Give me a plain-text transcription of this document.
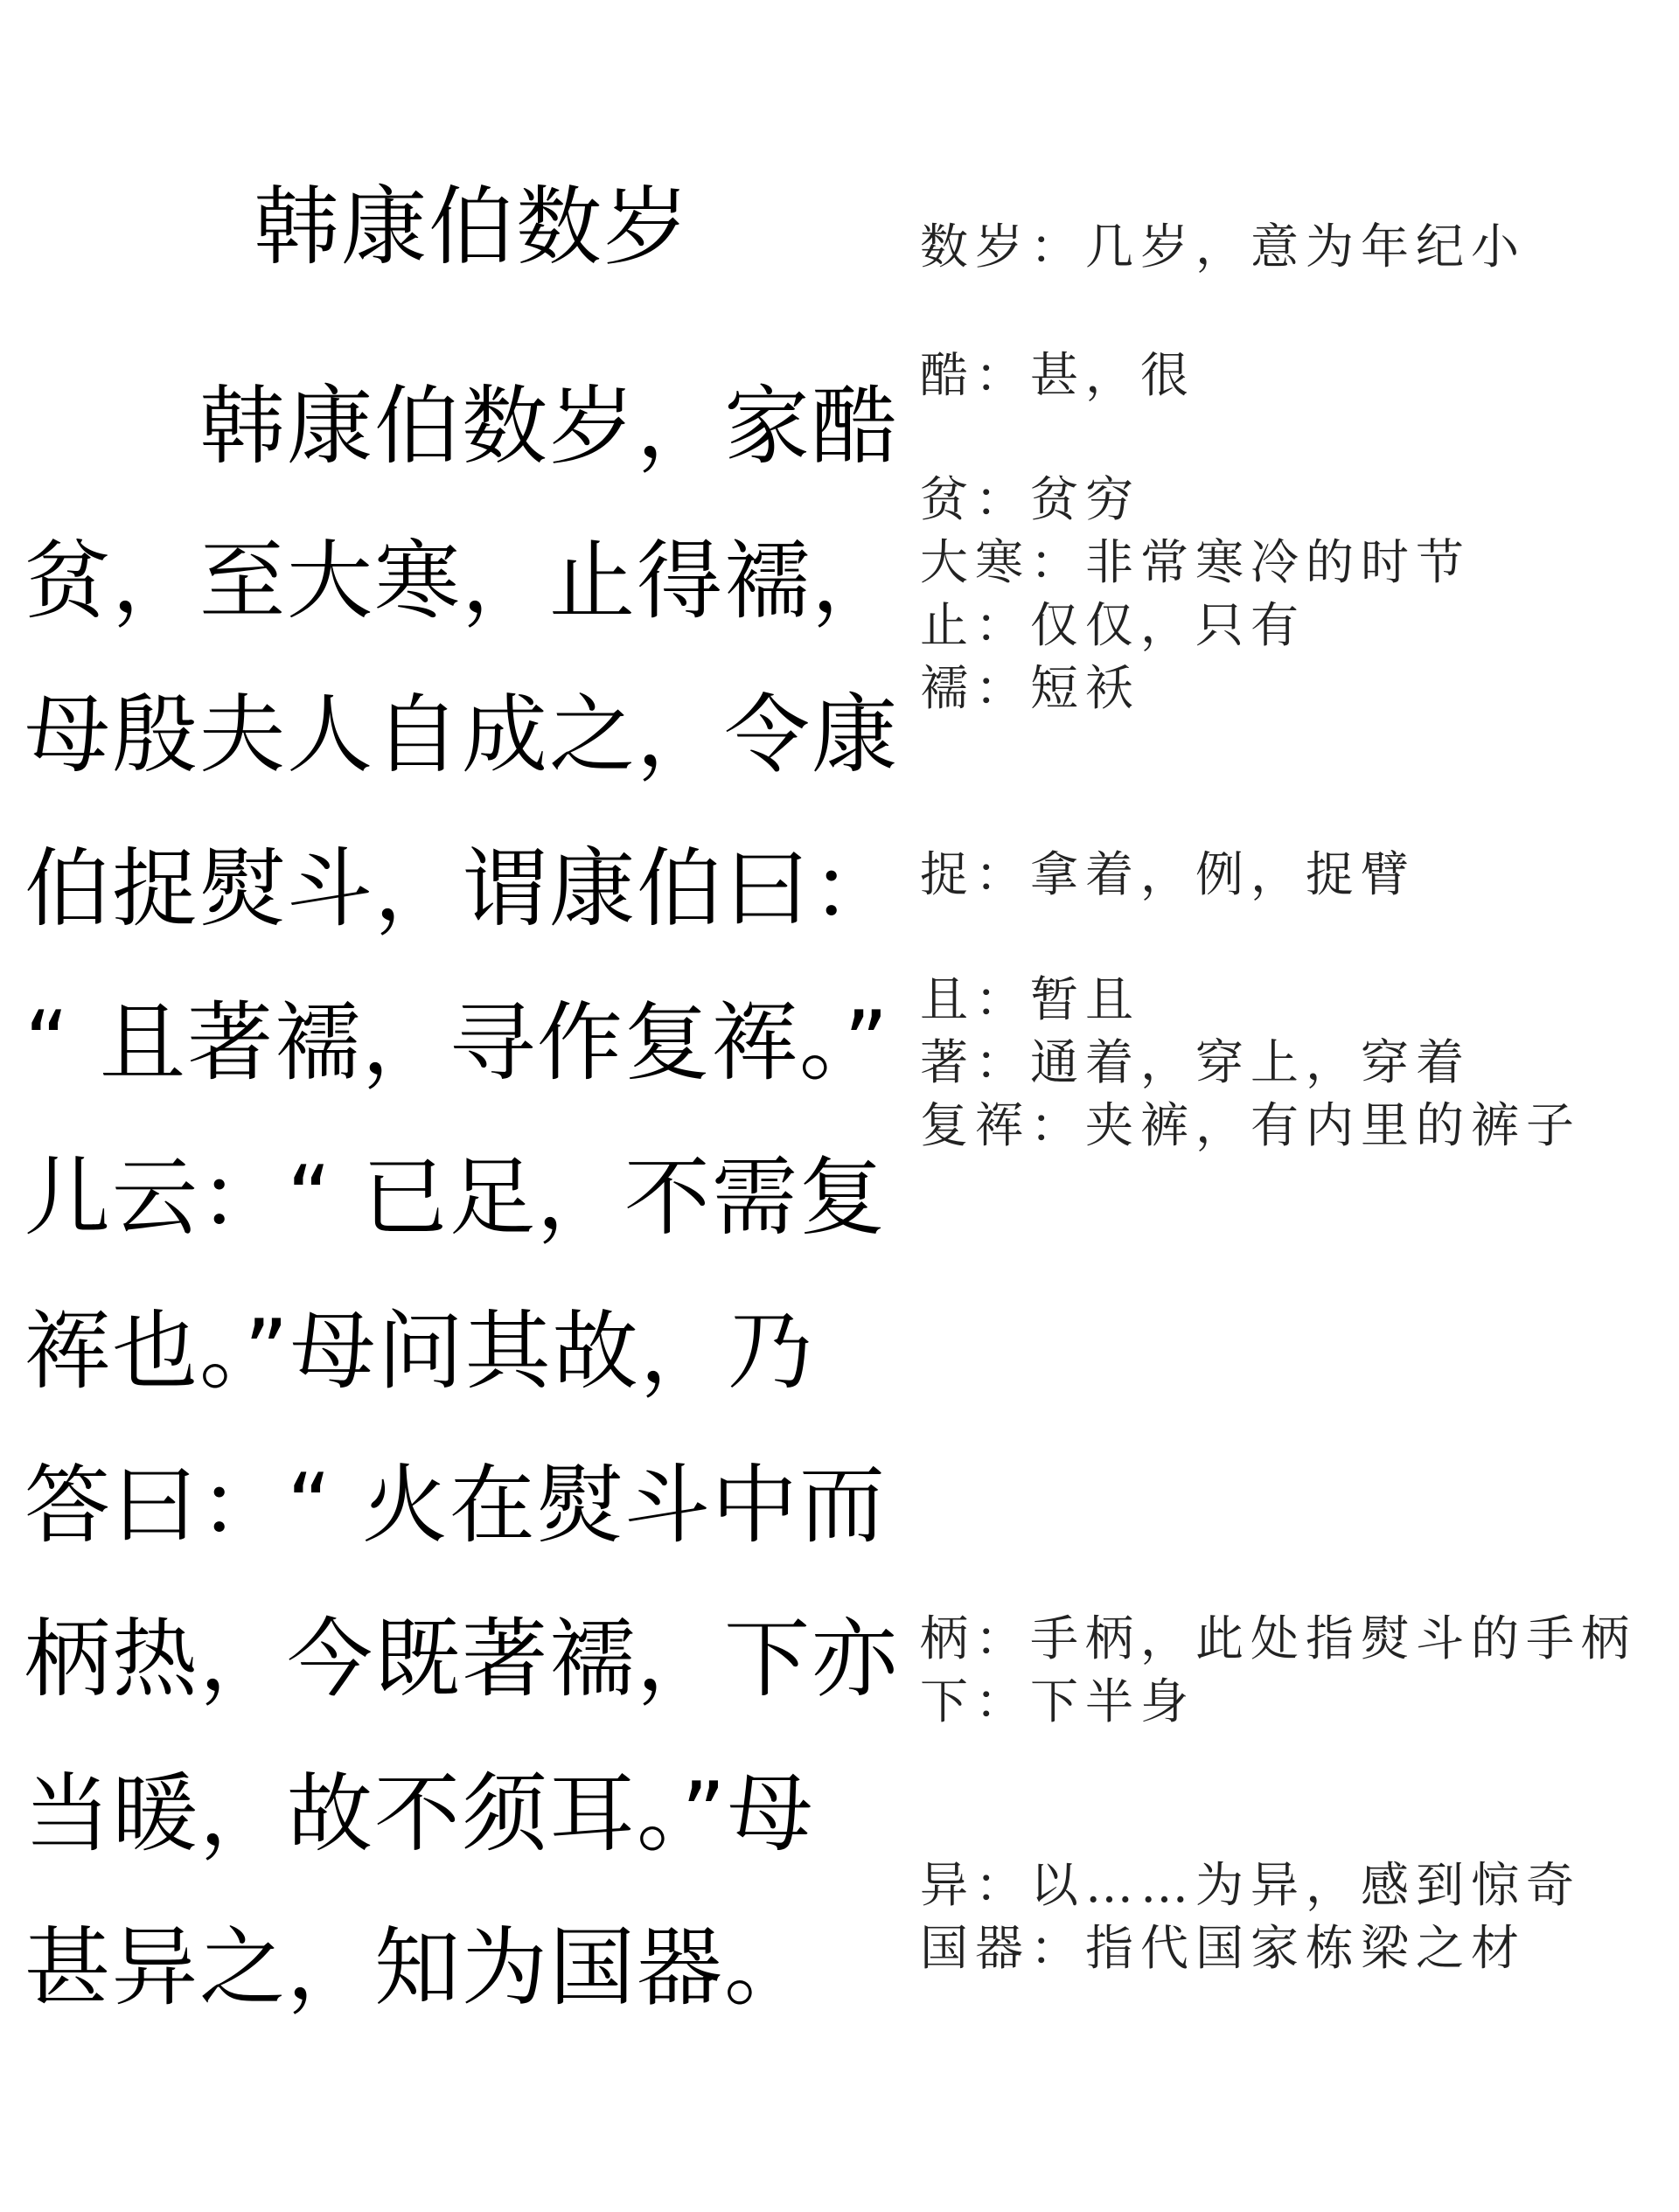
韩康伯数岁
韩康伯数岁，家酷
贫，至大寒，止得襦，
母殷夫人自成之，令康
伯捉熨斗，谓康伯曰：
“ 且著襦，寻作复裈。”
儿云：“ 已足，不需复
裈也。”母问其故，乃
答曰：“ 火在熨斗中而
柄热，今既著襦，下亦
当暖，故不须耳。”母
甚异之，知为国器。
数岁：几岁，意为年纪小
酷：甚，很
贫：贫穷
大寒：非常寒冷的时节
止：仅仅，只有
襦：短袄
捉：拿着，例，捉臂
且：暂且
著：通着，穿上，穿着
复裈：夹裤，有内里的裤子
柄：手柄，此处指熨斗的手柄
下：下半身
异：以……为异，感到惊奇
国器：指代国家栋梁之材
